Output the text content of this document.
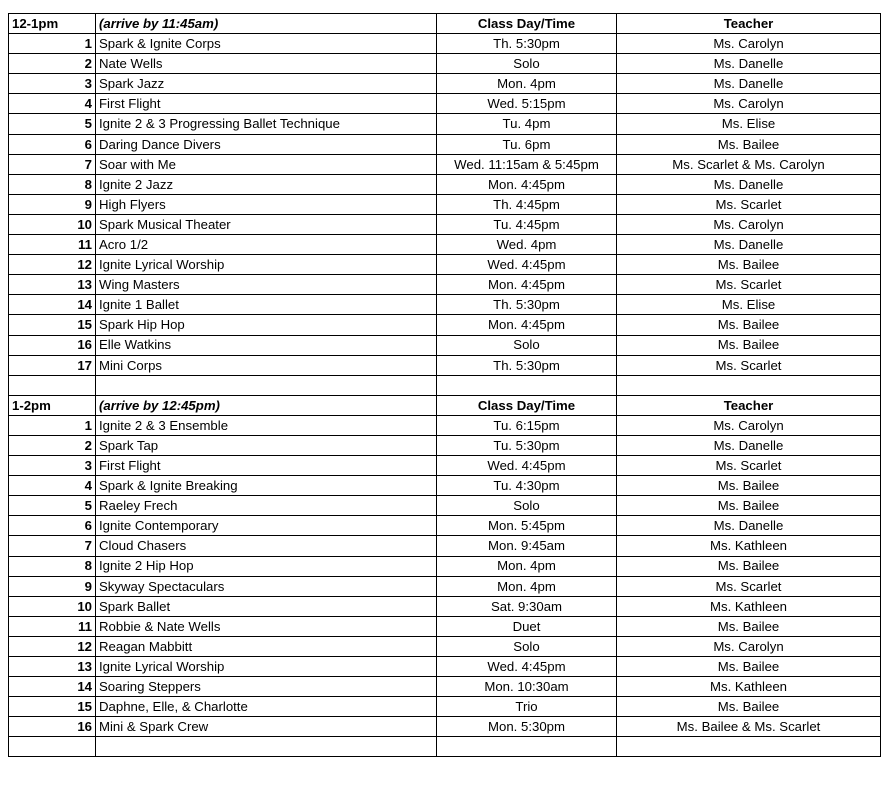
12-1pm	(arrive by 11:45am)	Class Day/Time	Teacher
1	Spark & Ignite Corps	Th. 5:30pm	Ms. Carolyn
2	Nate Wells	Solo	Ms. Danelle
3	Spark Jazz	Mon. 4pm	Ms. Danelle
4	First Flight	Wed. 5:15pm	Ms. Carolyn
5	Ignite 2 & 3 Progressing Ballet Technique	Tu. 4pm	Ms. Elise
6	Daring Dance Divers	Tu. 6pm	Ms. Bailee
7	Soar with Me	Wed. 11:15am & 5:45pm	Ms. Scarlet & Ms. Carolyn
8	Ignite 2 Jazz	Mon. 4:45pm	Ms. Danelle
9	High Flyers	Th. 4:45pm	Ms. Scarlet
10	Spark Musical Theater	Tu. 4:45pm	Ms. Carolyn
11	Acro 1/2	Wed. 4pm	Ms. Danelle
12	Ignite Lyrical Worship	Wed. 4:45pm	Ms. Bailee
13	Wing Masters	Mon. 4:45pm	Ms. Scarlet
14	Ignite 1 Ballet	Th. 5:30pm	Ms. Elise
15	Spark Hip Hop	Mon. 4:45pm	Ms. Bailee
16	Elle Watkins	Solo	Ms. Bailee
17	Mini Corps	Th. 5:30pm	Ms. Scarlet

1-2pm	(arrive by 12:45pm)	Class Day/Time	Teacher
1	Ignite 2 & 3 Ensemble	Tu. 6:15pm	Ms. Carolyn
2	Spark Tap	Tu. 5:30pm	Ms. Danelle
3	First Flight	Wed. 4:45pm	Ms. Scarlet
4	Spark & Ignite Breaking	Tu. 4:30pm	Ms. Bailee
5	Raeley Frech	Solo	Ms. Bailee
6	Ignite Contemporary	Mon. 5:45pm	Ms. Danelle
7	Cloud Chasers	Mon. 9:45am	Ms. Kathleen
8	Ignite 2 Hip Hop	Mon. 4pm	Ms. Bailee
9	Skyway Spectaculars	Mon. 4pm	Ms. Scarlet
10	Spark Ballet	Sat. 9:30am	Ms. Kathleen
11	Robbie & Nate Wells	Duet	Ms. Bailee
12	Reagan Mabbitt	Solo	Ms. Carolyn
13	Ignite Lyrical Worship	Wed. 4:45pm	Ms. Bailee
14	Soaring Steppers	Mon. 10:30am	Ms. Kathleen
15	Daphne, Elle, & Charlotte	Trio	Ms. Bailee
16	Mini & Spark Crew	Mon. 5:30pm	Ms. Bailee & Ms. Scarlet
